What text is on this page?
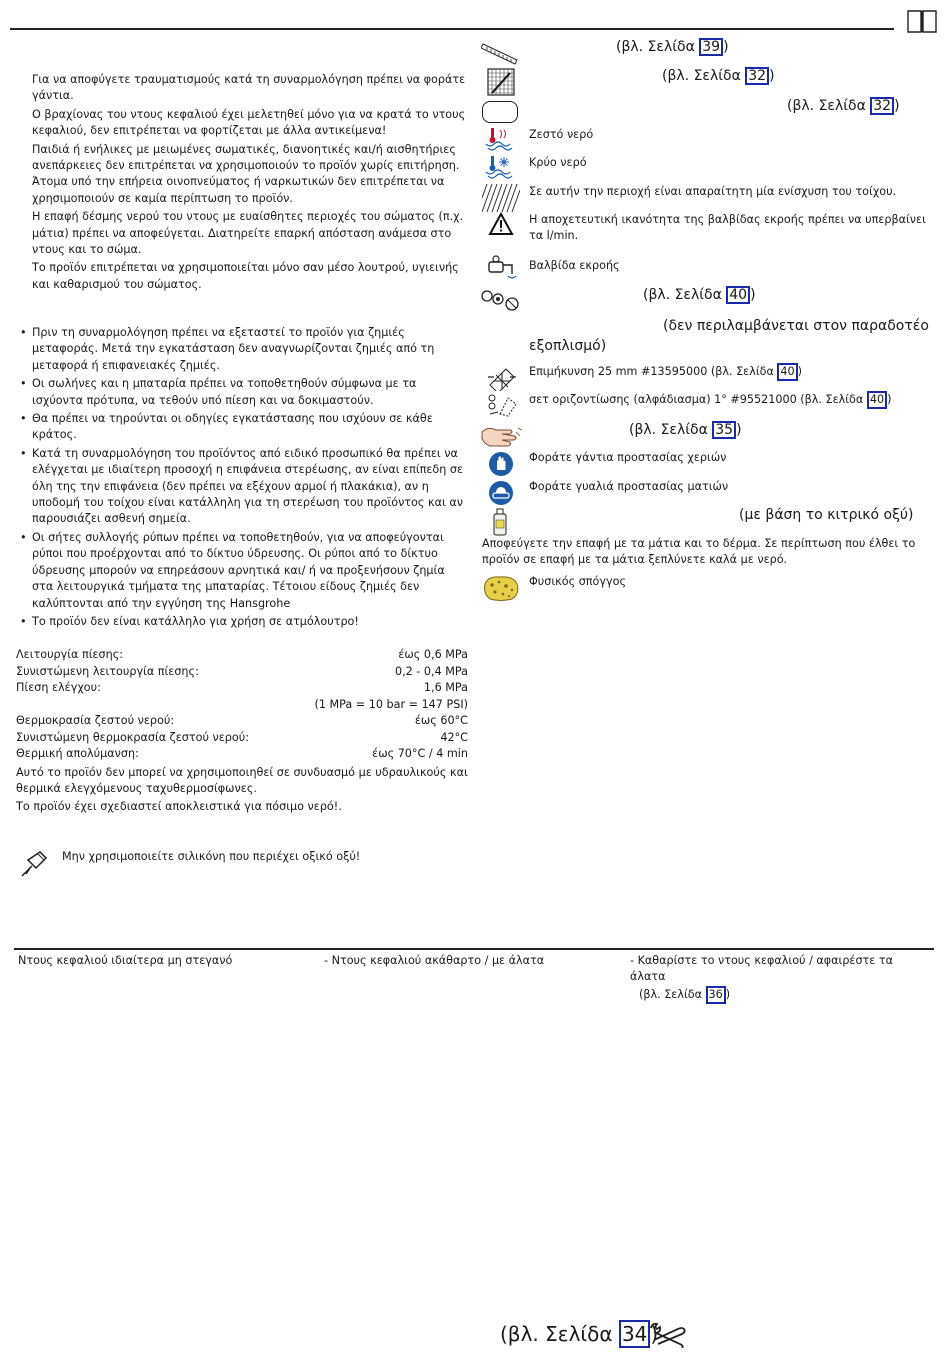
Για να αποφύγετε τραυματισμούς κατά τη συναρμολόγηση πρέπει να φοράτε γάντια.

Ο βραχίονας του ντους κεφαλιού έχει μελετηθεί μόνο για να κρατά το ντους κεφαλιού, δεν επιτρέπεται να φορτίζεται με άλλα αντικείμενα!

Παιδιά ή ενήλικες με μειωμένες σωματικές, διανοητικές και/ή αισθητήριες ανεπάρκειες δεν επιτρέπεται να χρησιμοποιούν το προϊόν χωρίς επιτήρηση. Άτομα υπό την επήρεια οινοπνεύματος ή ναρκωτικών δεν επιτρέπεται να χρησιμοποιούν σε καμία περίπτωση το προϊόν.

Η επαφή δέσμης νερού του ντους με ευαίσθητες περιοχές του σώματος (π.χ. μάτια) πρέπει να αποφεύγεται. Διατηρείτε επαρκή απόσταση ανάμεσα στο ντους και το σώμα.

Το προϊόν επιτρέπεται να χρησιμοποιείται μόνο σαν μέσο λουτρού, υγιεινής και καθαρισμού του σώματος.

• Πριν τη συναρμολόγηση πρέπει να εξεταστεί το προϊόν για ζημιές μεταφοράς. Μετά την εγκατάσταση δεν αναγνωρίζονται ζημιές από τη μεταφορά ή επιφανειακές ζημιές.
• Οι σωλήνες και η μπαταρία πρέπει να τοποθετηθούν σύμφωνα με τα ισχύοντα πρότυπα, να τεθούν υπό πίεση και να δοκιμαστούν.
• Θα πρέπει να τηρούνται οι οδηγίες εγκατάστασης που ισχύουν σε κάθε κράτος.
• Κατά τη συναρμολόγηση του προϊόντος από ειδικό προσωπικό θα πρέπει να ελέγχεται με ιδιαίτερη προσοχή η επιφάνεια στερέωσης, αν είναι επίπεδη σε όλη της την επιφάνεια (δεν πρέπει να εξέχουν αρμοί ή πλακάκια), αν η υποδομή του τοίχου είναι κατάλληλη για τη στερέωση του προϊόντος και αν παρουσιάζει ασθενή σημεία.
• Οι σήτες συλλογής ρύπων πρέπει να τοποθετηθούν, για να αποφεύγονται ρύποι που προέρχονται από το δίκτυο ύδρευσης. Οι ρύποι από το δίκτυο ύδρευσης μπορούν να επηρεάσουν αρνητικά και/ ή να προξενήσουν ζημία στα λειτουργικά τμήματα της μπαταρίας. Τέτοιου είδους ζημιές δεν καλύπτονται από την εγγύηση της Hansgrohe
• Το προϊόν δεν είναι κατάλληλο για χρήση σε ατμόλουτρο!
Λειτουργία πίεσης:	έως 0,6 MPa
Συνιστώμενη λειτουργία πίεσης:	0,2 - 0,4 MPa
Πίεση ελέγχου:	1,6 MPa
(1 MPa = 10 bar = 147 PSI)
Θερμοκρασία ζεστού νερού:	έως 60°C
Συνιστώμενη θερμοκρασία ζεστού νερού:	42°C
Θερμική απολύμανση:	έως 70°C / 4 min

Αυτό το προϊόν δεν μπορεί να χρησιμοποιηθεί σε συνδυασμό με υδραυλικούς και θερμικά ελεγχόμενους ταχυθερμοσίφωνες.

Το προϊόν έχει σχεδιαστεί αποκλειστικά για πόσιμο νερό!.

Μην χρησιμοποιείτε σιλικόνη που περιέχει οξικό οξύ!
Ντους κεφαλιού ιδιαίτερα μη στεγανό	- Ντους κεφαλιού ακάθαρτο / με άλατα	- Καθαρίστε το ντους κεφαλιού / αφαιρέστε τα άλατα
(βλ. Σελίδα 36 )
(βλ. Σελίδα 39 )
(βλ. Σελίδα 32 )
(βλ. Σελίδα 32 )
Ζεστό νερό
Κρύο νερό
Σε αυτήν την περιοχή είναι απαραίτητη μία ενίσχυση του τοίχου.
Η αποχετευτική ικανότητα της βαλβίδας εκροής πρέπει να υπερβαίνει τα l/min.
Βαλβίδα εκροής
(βλ. Σελίδα 40 )
(δεν περιλαμβάνεται στον παραδοτέο εξοπλισμό)
Επιμήκυνση 25 mm #13595000 (βλ. Σελίδα 40 )
σετ οριζοντίωσης (αλφάδιασμα) 1° #95521000 (βλ. Σελίδα 40 )
(βλ. Σελίδα 35 )
Φοράτε γάντια προστασίας χεριών
Φοράτε γυαλιά προστασίας ματιών
(με βάση το κιτρικό οξύ)
Αποφεύγετε την επαφή με τα μάτια και το δέρμα. Σε περίπτωση που έλθει το προϊόν σε επαφή με τα μάτια ξεπλύνετε καλά με νερό.
Φυσικός σπόγγος
(βλ. Σελίδα 34 )
